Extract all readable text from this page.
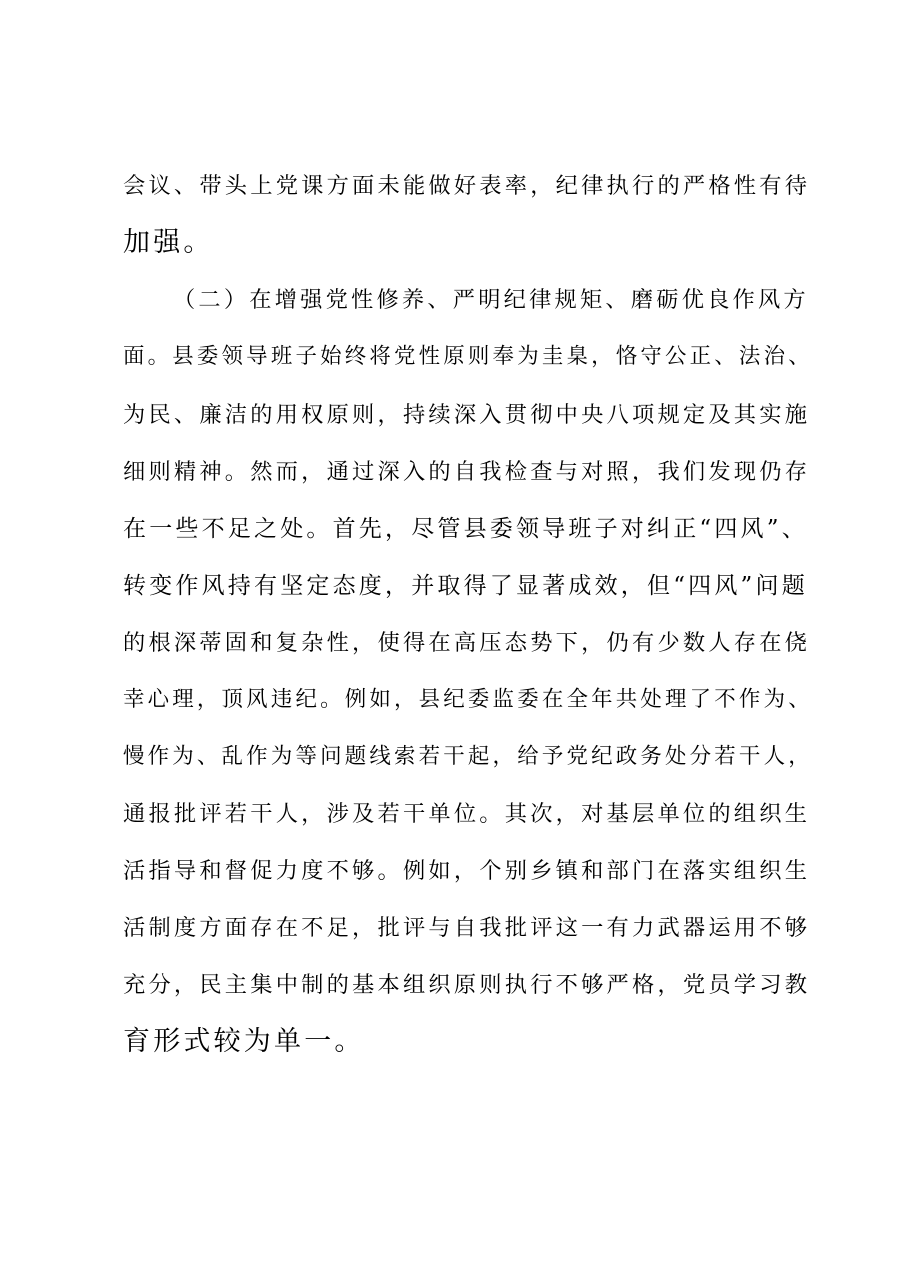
会议、带头上党课方面未能做好表率，纪律执行的严格性有待
加强。
（二）在增强党性修养、严明纪律规矩、磨砺优良作风方
面。县委领导班子始终将党性原则奉为圭臬，恪守公正、法治、
为民、廉洁的用权原则，持续深入贯彻中央八项规定及其实施
细则精神。然而，通过深入的自我检查与对照，我们发现仍存
在一些不足之处。首先，尽管县委领导班子对纠正“四风”、
转变作风持有坚定态度，并取得了显著成效，但“四风”问题
的根深蒂固和复杂性，使得在高压态势下，仍有少数人存在侥
幸心理，顶风违纪。例如，县纪委监委在全年共处理了不作为、
慢作为、乱作为等问题线索若干起，给予党纪政务处分若干人，
通报批评若干人，涉及若干单位。其次，对基层单位的组织生
活指导和督促力度不够。例如，个别乡镇和部门在落实组织生
活制度方面存在不足，批评与自我批评这一有力武器运用不够
充分，民主集中制的基本组织原则执行不够严格，党员学习教
育形式较为单一。
